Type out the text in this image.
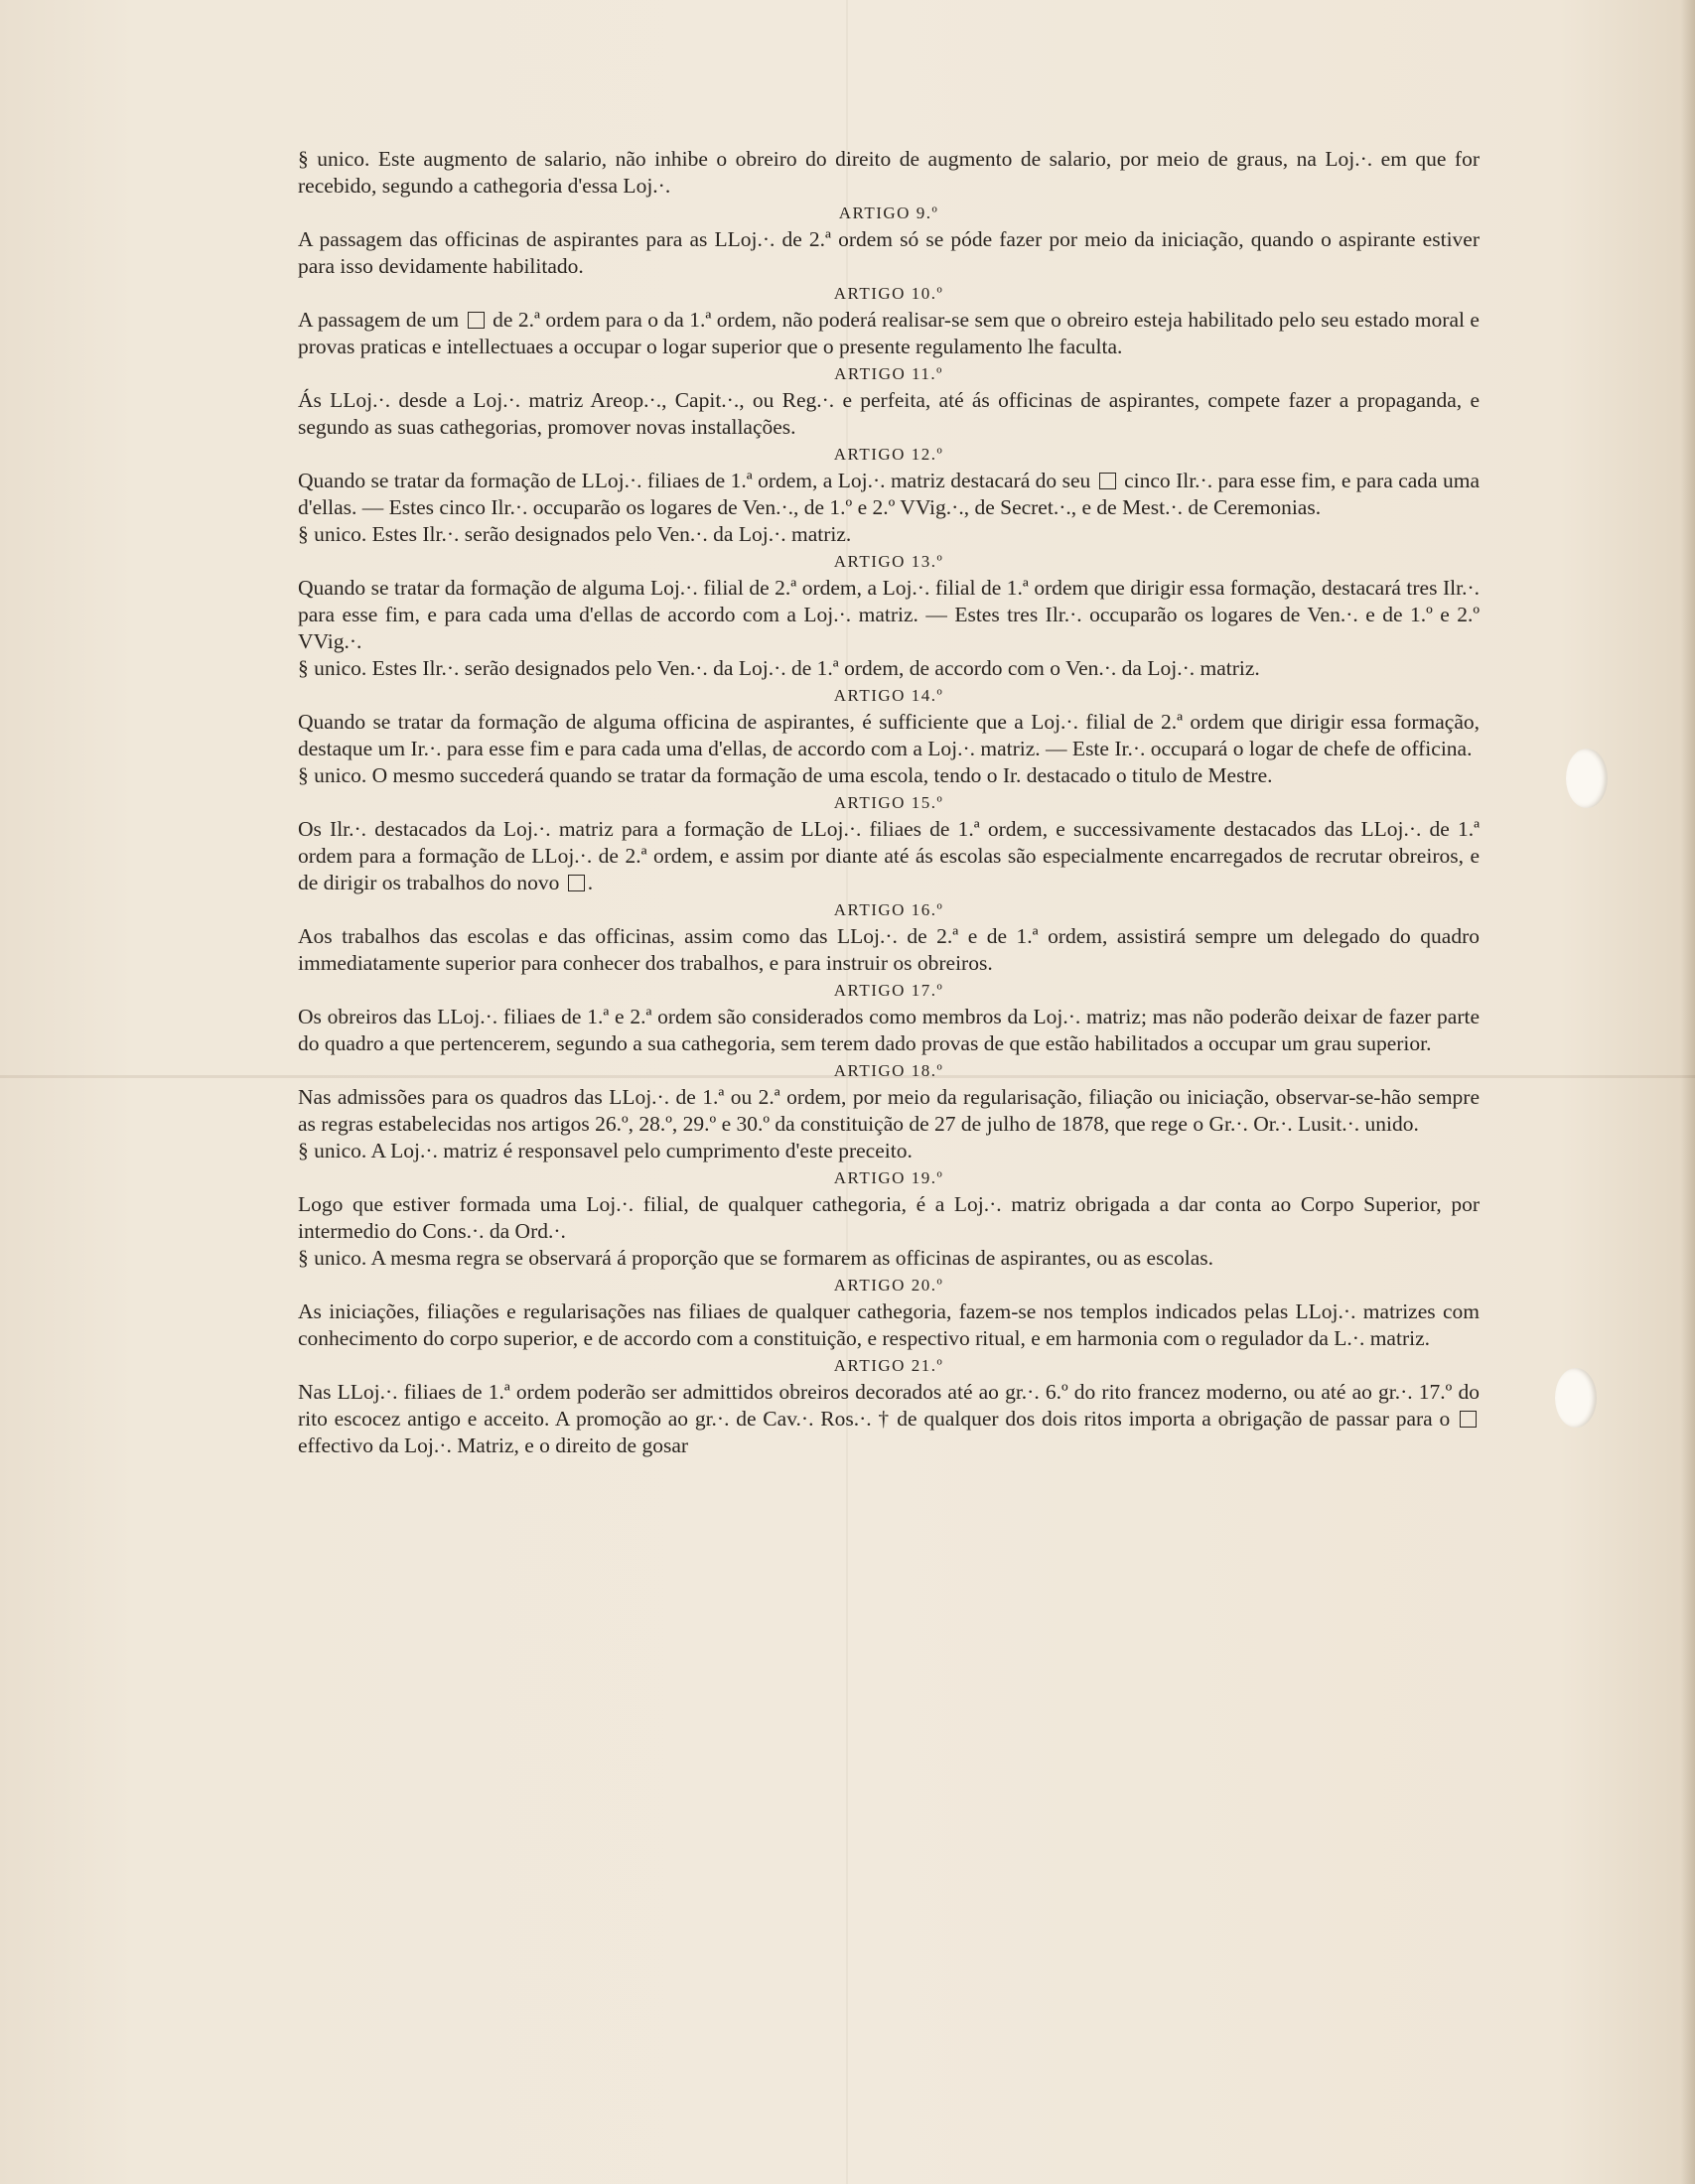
§ unico. Este augmento de salario, não inhibe o obreiro do direito de augmento de salario, por meio de graus, na Loj.·. em que for recebido, segundo a cathegoria d'essa Loj.·.

ARTIGO 9.º

A passagem das officinas de aspirantes para as LLoj.·. de 2.ª ordem só se póde fazer por meio da iniciação, quando o aspirante estiver para isso devidamente habilitado.

ARTIGO 10.º

A passagem de um  de 2.ª ordem para o da 1.ª ordem, não poderá realisar-se sem que o obreiro esteja habilitado pelo seu estado moral e provas praticas e intellectuaes a occupar o logar superior que o presente regulamento lhe faculta.

ARTIGO 11.º

Ás LLoj.·. desde a Loj.·. matriz Areop.·., Capit.·., ou Reg.·. e perfeita, até ás officinas de aspirantes, compete fazer a propaganda, e segundo as suas cathegorias, promover novas installações.

ARTIGO 12.º

Quando se tratar da formação de LLoj.·. filiaes de 1.ª ordem, a Loj.·. matriz destacará do seu  cinco Ilr.·. para esse fim, e para cada uma d'ellas. — Estes cinco Ilr.·. occuparão os logares de Ven.·., de 1.º e 2.º VVig.·., de Secret.·., e de Mest.·. de Ceremonias.

§ unico. Estes Ilr.·. serão designados pelo Ven.·. da Loj.·. matriz.

ARTIGO 13.º

Quando se tratar da formação de alguma Loj.·. filial de 2.ª ordem, a Loj.·. filial de 1.ª ordem que dirigir essa formação, destacará tres Ilr.·. para esse fim, e para cada uma d'ellas de accordo com a Loj.·. matriz. — Estes tres Ilr.·. occuparão os logares de Ven.·. e de 1.º e 2.º VVig.·.

§ unico. Estes Ilr.·. serão designados pelo Ven.·. da Loj.·. de 1.ª ordem, de accordo com o Ven.·. da Loj.·. matriz.

ARTIGO 14.º

Quando se tratar da formação de alguma officina de aspirantes, é sufficiente que a Loj.·. filial de 2.ª ordem que dirigir essa formação, destaque um Ir.·. para esse fim e para cada uma d'ellas, de accordo com a Loj.·. matriz. — Este Ir.·. occupará o logar de chefe de officina.

§ unico. O mesmo succederá quando se tratar da formação de uma escola, tendo o Ir. destacado o titulo de Mestre.

ARTIGO 15.º

Os Ilr.·. destacados da Loj.·. matriz para a formação de LLoj.·. filiaes de 1.ª ordem, e successivamente destacados das LLoj.·. de 1.ª ordem para a formação de LLoj.·. de 2.ª ordem, e assim por diante até ás escolas são especialmente encarregados de recrutar obreiros, e de dirigir os trabalhos do novo .

ARTIGO 16.º

Aos trabalhos das escolas e das officinas, assim como das LLoj.·. de 2.ª e de 1.ª ordem, assistirá sempre um delegado do quadro immediatamente superior para conhecer dos trabalhos, e para instruir os obreiros.

ARTIGO 17.º

Os obreiros das LLoj.·. filiaes de 1.ª e 2.ª ordem são considerados como membros da Loj.·. matriz; mas não poderão deixar de fazer parte do quadro a que pertencerem, segundo a sua cathegoria, sem terem dado provas de que estão habilitados a occupar um grau superior.

ARTIGO 18.º

Nas admissões para os quadros das LLoj.·. de 1.ª ou 2.ª ordem, por meio da regularisação, filiação ou iniciação, observar-se-hão sempre as regras estabelecidas nos artigos 26.º, 28.º, 29.º e 30.º da constituição de 27 de julho de 1878, que rege o Gr.·. Or.·. Lusit.·. unido.

§ unico. A Loj.·. matriz é responsavel pelo cumprimento d'este preceito.

ARTIGO 19.º

Logo que estiver formada uma Loj.·. filial, de qualquer cathegoria, é a Loj.·. matriz obrigada a dar conta ao Corpo Superior, por intermedio do Cons.·. da Ord.·.

§ unico. A mesma regra se observará á proporção que se formarem as officinas de aspirantes, ou as escolas.

ARTIGO 20.º

As iniciações, filiações e regularisações nas filiaes de qualquer cathegoria, fazem-se nos templos indicados pelas LLoj.·. matrizes com conhecimento do corpo superior, e de accordo com a constituição, e respectivo ritual, e em harmonia com o regulador da L.·. matriz.

ARTIGO 21.º

Nas LLoj.·. filiaes de 1.ª ordem poderão ser admittidos obreiros decorados até ao gr.·. 6.º do rito francez moderno, ou até ao gr.·. 17.º do rito escocez antigo e acceito. A promoção ao gr.·. de Cav.·. Ros.·. † de qualquer dos dois ritos importa a obrigação de passar para o  effectivo da Loj.·. Matriz, e o direito de gosar
